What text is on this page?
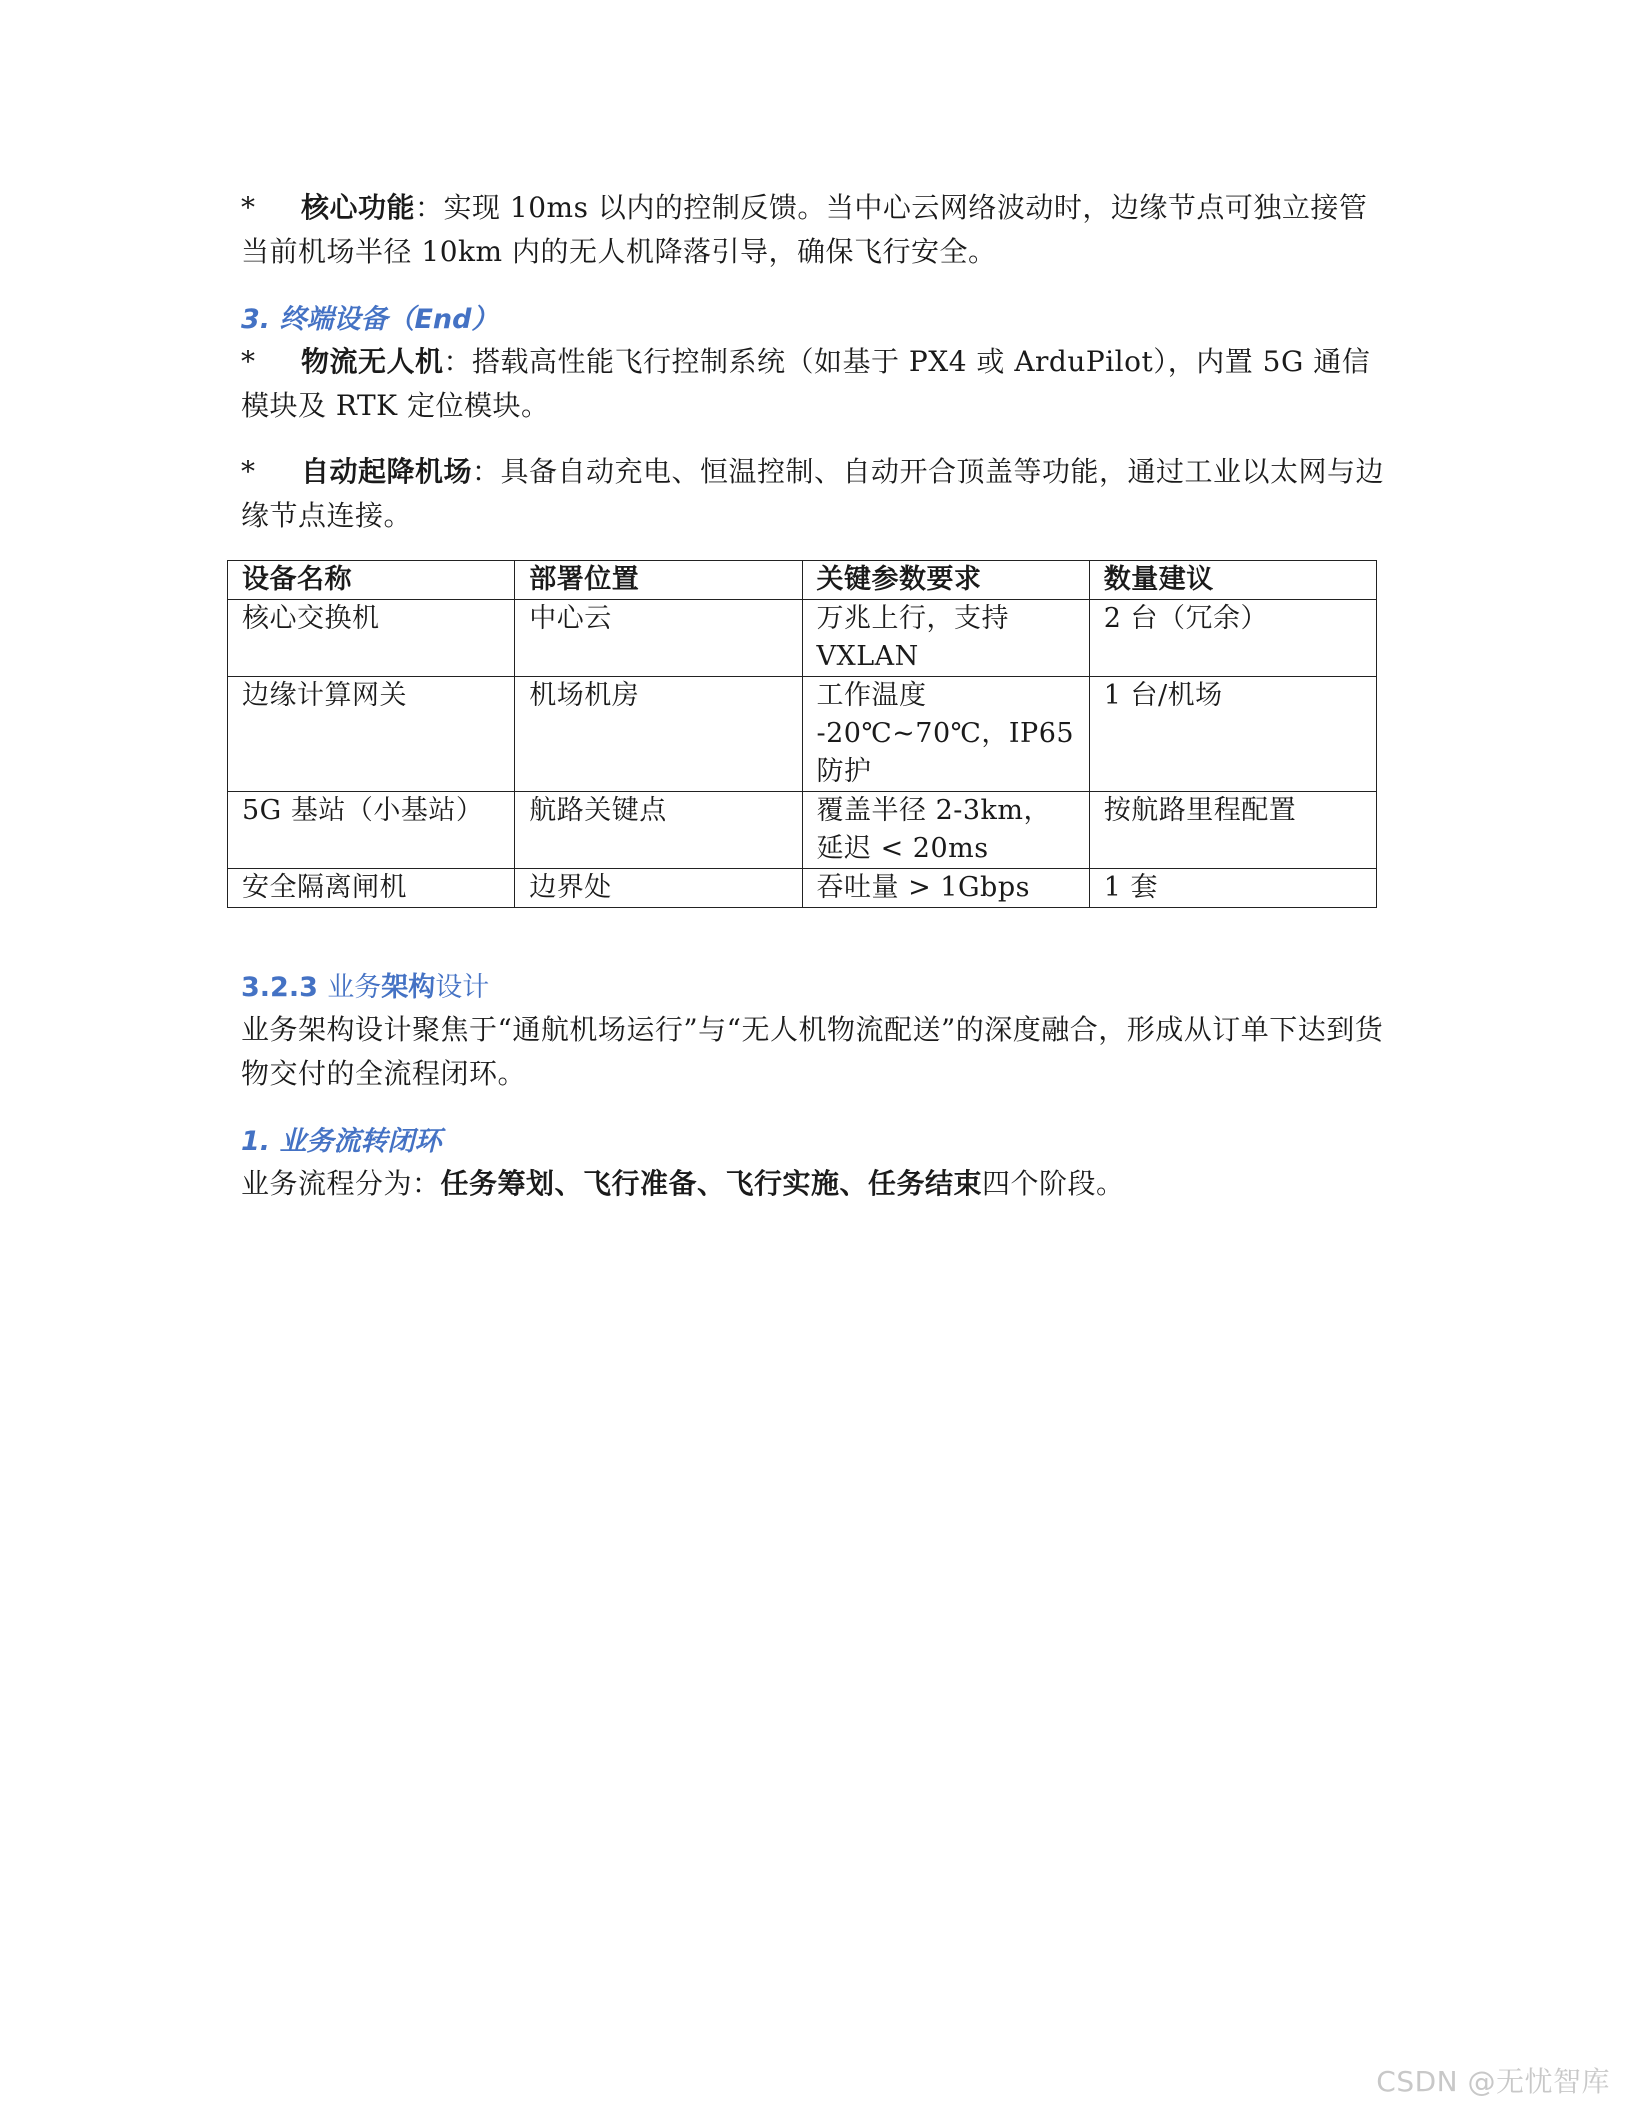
* 核心功能：实现 10ms 以内的控制反馈。当中心云网络波动时，边缘节点可独立接管当前机场半径 10km 内的无人机降落引导，确保飞行安全。

3. 终端设备（End）

* 物流无人机：搭载高性能飞行控制系统（如基于 PX4 或 ArduPilot），内置 5G 通信模块及 RTK 定位模块。

* 自动起降机场：具备自动充电、恒温控制、自动开合顶盖等功能，通过工业以太网与边缘节点连接。

设备名称	部署位置	关键参数要求	数量建议
核心交换机	中心云	万兆上行，支持 VXLAN	2 台（冗余）
边缘计算网关	机场机房	工作温度 -20℃~70℃，IP65 防护	1 台/机场
5G 基站（小基站）	航路关键点	覆盖半径 2-3km，延迟 < 20ms	按航路里程配置
安全隔离闸机	边界处	吞吐量 > 1Gbps	1 套
3.2.3 业务架构设计

业务架构设计聚焦于“通航机场运行”与“无人机物流配送”的深度融合，形成从订单下达到货物交付的全流程闭环。

1. 业务流转闭环

业务流程分为：任务筹划、飞行准备、飞行实施、任务结束四个阶段。

CSDN @无忧智库
